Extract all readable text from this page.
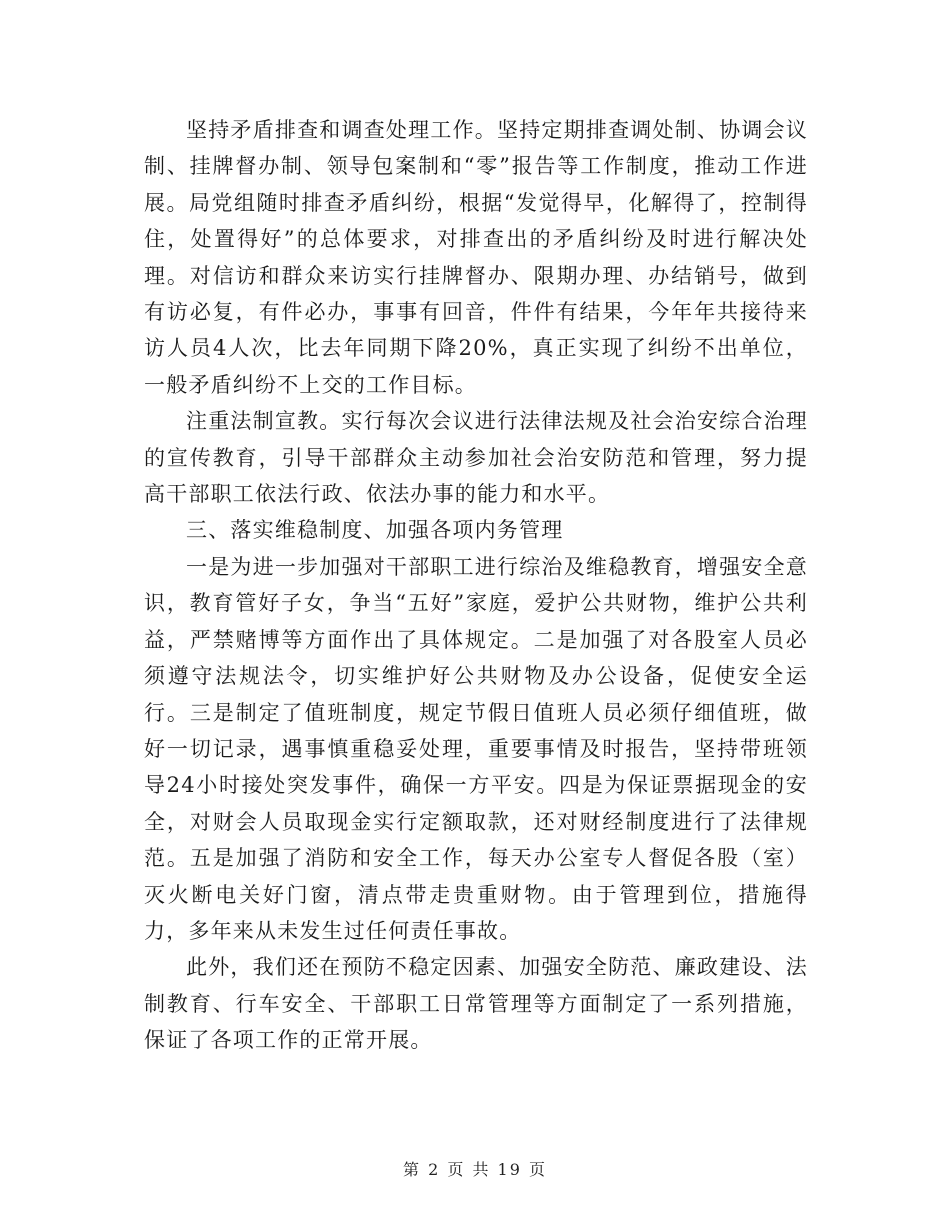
坚持矛盾排查和调查处理工作。坚持定期排查调处制、协调会议制、挂牌督办制、领导包案制和“零”报告等工作制度，推动工作进展。局党组随时排查矛盾纠纷，根据“发觉得早，化解得了，控制得住，处置得好”的总体要求，对排查出的矛盾纠纷及时进行解决处理。对信访和群众来访实行挂牌督办、限期办理、办结销号，做到有访必复，有件必办，事事有回音，件件有结果，今年年共接待来访人员4人次，比去年同期下降20%，真正实现了纠纷不出单位，一般矛盾纠纷不上交的工作目标。

注重法制宣教。实行每次会议进行法律法规及社会治安综合治理的宣传教育，引导干部群众主动参加社会治安防范和管理，努力提高干部职工依法行政、依法办事的能力和水平。

三、落实维稳制度、加强各项内务管理

一是为进一步加强对干部职工进行综治及维稳教育，增强安全意识，教育管好子女，争当“五好”家庭，爱护公共财物，维护公共利益，严禁赌博等方面作出了具体规定。二是加强了对各股室人员必须遵守法规法令，切实维护好公共财物及办公设备，促使安全运行。三是制定了值班制度，规定节假日值班人员必须仔细值班，做好一切记录，遇事慎重稳妥处理，重要事情及时报告，坚持带班领导24小时接处突发事件，确保一方平安。四是为保证票据现金的安全，对财会人员取现金实行定额取款，还对财经制度进行了法律规范。五是加强了消防和安全工作，每天办公室专人督促各股（室）灭火断电关好门窗，清点带走贵重财物。由于管理到位，措施得力，多年来从未发生过任何责任事故。

此外，我们还在预防不稳定因素、加强安全防范、廉政建设、法制教育、行车安全、干部职工日常管理等方面制定了一系列措施，保证了各项工作的正常开展。

第 2 页 共 19 页
